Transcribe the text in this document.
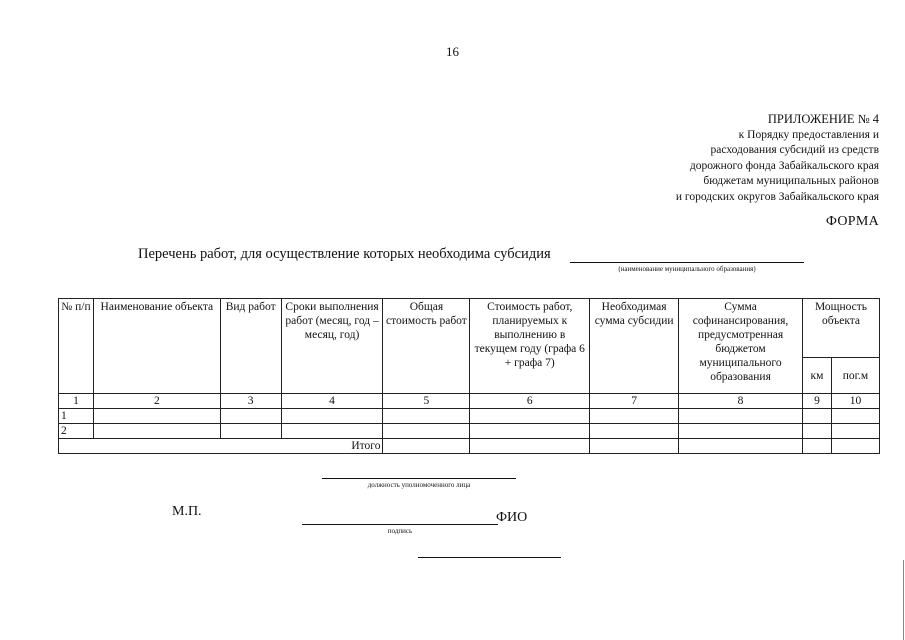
16
ПРИЛОЖЕНИЕ № 4
к Порядку предоставления и
расходования субсидий из средств
дорожного фонда Забайкальского края
бюджетам муниципальных районов
и городских округов Забайкальского края
ФОРМА
Перечень работ, для осуществление которых необходима субсидия
(наименование муниципального образования)
№ п/п	Наименование объекта	Вид работ	Сроки выполнения работ (месяц, год – месяц, год)	Общая стоимость работ	Стоимость работ, планируемых к выполнению в текущем году (графа 6 + графа 7)	Необходимая сумма субсидии	Сумма софинансирования, предусмотренная бюджетом муниципального образования	Мощность объекта	
								км	пог.м
1	2	3	4	5	6	7	8	9	10
1									
2									
Итого									
должность уполномоченного лица
М.П.	ФИО
подпись
